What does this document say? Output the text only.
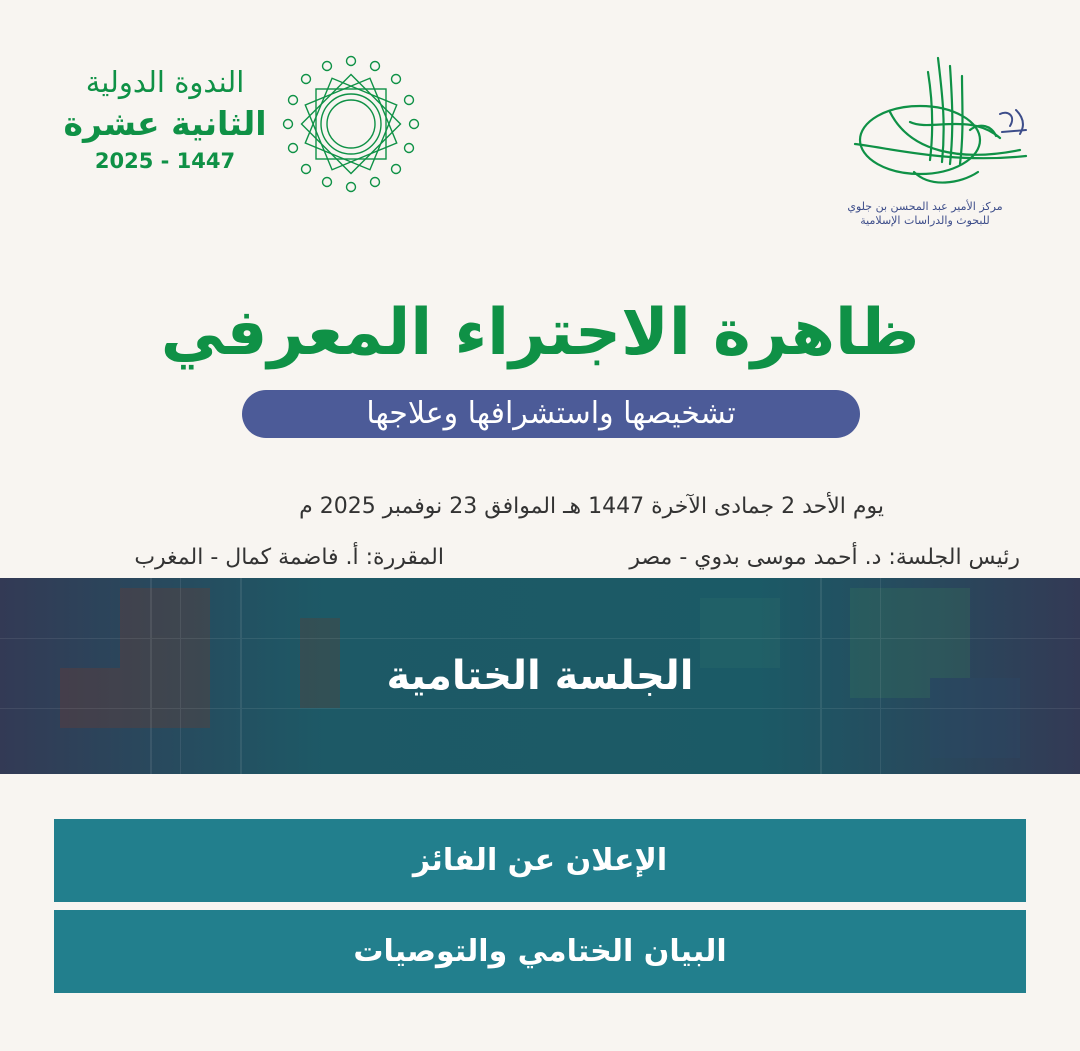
الندوة الدولية
الثانية عشرة
2025 - 1447
مركز الأمير عبد المحسن بن جلوي
للبحوث والدراسات الإسلامية
ظاهرة الاجتراء المعرفي
تشخيصها واستشرافها وعلاجها
يوم الأحد 2 جمادى الآخرة 1447 هـ الموافق 23 نوفمبر 2025 م
رئيس الجلسة: د. أحمد موسى بدوي - مصر
المقررة: أ. فاضمة كمال - المغرب
الجلسة الختامية
الإعلان عن الفائز
البيان الختامي والتوصيات
